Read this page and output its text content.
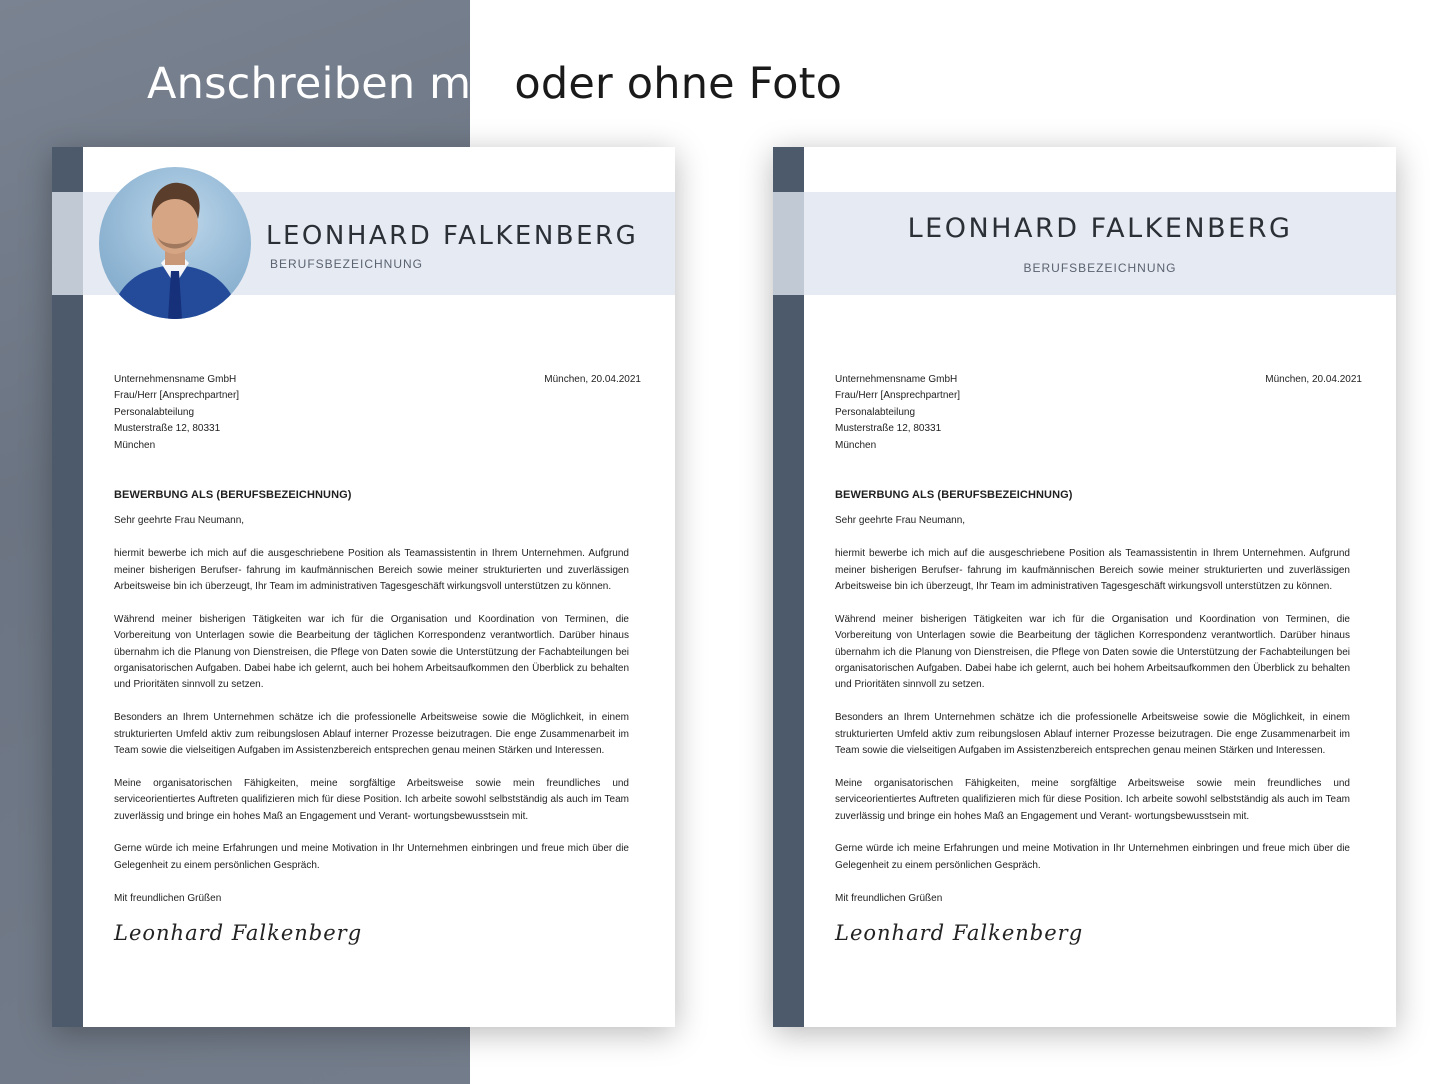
Anschreiben mit oder ohne Foto
LEONHARD FALKENBERG
BERUFSBEZEICHNUNG
München, 20.04.2021
Unternehmensname GmbH
Frau/Herr [Ansprechpartner]
Personalabteilung
Musterstraße 12, 80331
München
BEWERBUNG ALS (BERUFSBEZEICHNUNG)
Sehr geehrte Frau Neumann,
hiermit bewerbe ich mich auf die ausgeschriebene Position als Teamassistentin in Ihrem Unternehmen. Aufgrund meiner bisherigen Berufser- fahrung im kaufmännischen Bereich sowie meiner strukturierten und zuverlässigen Arbeitsweise bin ich überzeugt, Ihr Team im administrativen Tagesgeschäft wirkungsvoll unterstützen zu können.
Während meiner bisherigen Tätigkeiten war ich für die Organisation und Koordination von Terminen, die Vorbereitung von Unterlagen sowie die Bearbeitung der täglichen Korrespondenz verantwortlich. Darüber hinaus übernahm ich die Planung von Dienstreisen, die Pflege von Daten sowie die Unterstützung der Fachabteilungen bei organisatorischen Aufgaben. Dabei habe ich gelernt, auch bei hohem Arbeitsaufkommen den Überblick zu behalten und Prioritäten sinnvoll zu setzen.
Besonders an Ihrem Unternehmen schätze ich die professionelle Arbeitsweise sowie die Möglichkeit, in einem strukturierten Umfeld aktiv zum reibungslosen Ablauf interner Prozesse beizutragen. Die enge Zusammenarbeit im Team sowie die vielseitigen Aufgaben im Assistenzbereich entsprechen genau meinen Stärken und Interessen.
Meine organisatorischen Fähigkeiten, meine sorgfältige Arbeitsweise sowie mein freundliches und serviceorientiertes Auftreten qualifizieren mich für diese Position. Ich arbeite sowohl selbstständig als auch im Team zuverlässig und bringe ein hohes Maß an Engagement und Verant- wortungsbewusstsein mit.
Gerne würde ich meine Erfahrungen und meine Motivation in Ihr Unternehmen einbringen und freue mich über die Gelegenheit zu einem persönlichen Gespräch.
Mit freundlichen Grüßen
Leonhard Falkenberg
LEONHARD FALKENBERG
BERUFSBEZEICHNUNG
München, 20.04.2021
Unternehmensname GmbH
Frau/Herr [Ansprechpartner]
Personalabteilung
Musterstraße 12, 80331
München
BEWERBUNG ALS (BERUFSBEZEICHNUNG)
Sehr geehrte Frau Neumann,
hiermit bewerbe ich mich auf die ausgeschriebene Position als Teamassistentin in Ihrem Unternehmen. Aufgrund meiner bisherigen Berufser- fahrung im kaufmännischen Bereich sowie meiner strukturierten und zuverlässigen Arbeitsweise bin ich überzeugt, Ihr Team im administrativen Tagesgeschäft wirkungsvoll unterstützen zu können.
Während meiner bisherigen Tätigkeiten war ich für die Organisation und Koordination von Terminen, die Vorbereitung von Unterlagen sowie die Bearbeitung der täglichen Korrespondenz verantwortlich. Darüber hinaus übernahm ich die Planung von Dienstreisen, die Pflege von Daten sowie die Unterstützung der Fachabteilungen bei organisatorischen Aufgaben. Dabei habe ich gelernt, auch bei hohem Arbeitsaufkommen den Überblick zu behalten und Prioritäten sinnvoll zu setzen.
Besonders an Ihrem Unternehmen schätze ich die professionelle Arbeitsweise sowie die Möglichkeit, in einem strukturierten Umfeld aktiv zum reibungslosen Ablauf interner Prozesse beizutragen. Die enge Zusammenarbeit im Team sowie die vielseitigen Aufgaben im Assistenzbereich entsprechen genau meinen Stärken und Interessen.
Meine organisatorischen Fähigkeiten, meine sorgfältige Arbeitsweise sowie mein freundliches und serviceorientiertes Auftreten qualifizieren mich für diese Position. Ich arbeite sowohl selbstständig als auch im Team zuverlässig und bringe ein hohes Maß an Engagement und Verant- wortungsbewusstsein mit.
Gerne würde ich meine Erfahrungen und meine Motivation in Ihr Unternehmen einbringen und freue mich über die Gelegenheit zu einem persönlichen Gespräch.
Mit freundlichen Grüßen
Leonhard Falkenberg
